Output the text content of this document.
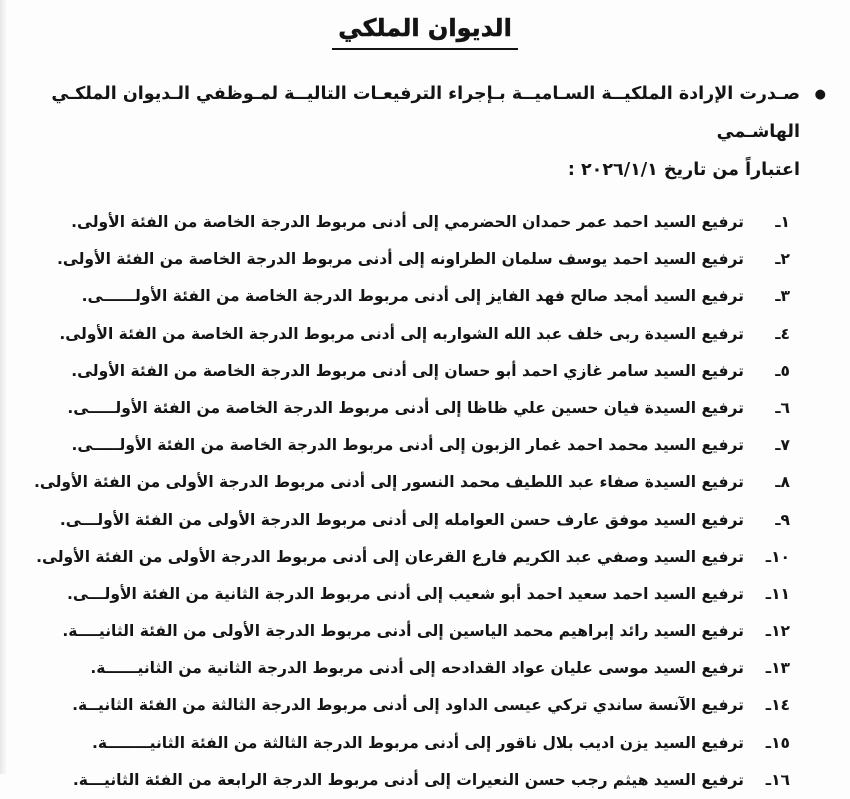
الديوان الملكي
●
صـدرت الإرادة الملكيــة السـاميــة بـإجراء الترفيعـات التاليــة لمـوظفي الـديوان الملكـي الهاشـمي
اعتباراً من تاريخ ٢٠٢٦/١/١ :
١ـ
ترفيع السيد احمد عمر حمدان الحضرمي إلى أدنى مربوط الدرجة الخاصة من الفئة الأولى.
٢ـ
ترفيع السيد احمد يوسف سلمان الطراونه إلى أدنى مربوط الدرجة الخاصة من الفئة الأولى.
٣ـ
ترفيع السيد أمجد صالح فهد الفايز إلى أدنى مربوط الدرجة الخاصة من الفئة الأولــــــى.
٤ـ
ترفيع السيدة ربى خلف عبد الله الشواربه إلى أدنى مربوط الدرجة الخاصة من الفئة الأولى.
٥ـ
ترفيع السيد سامر غازي احمد أبو حسان إلى أدنى مربوط الدرجة الخاصة من الفئة الأولى.
٦ـ
ترفيع السيدة فيان حسين علي ظاظا إلى أدنى مربوط الدرجة الخاصة من الفئة الأولـــــى.
٧ـ
ترفيع السيد محمد احمد غمار الزبون إلى أدنى مربوط الدرجة الخاصة من الفئة الأولـــــى.
٨ـ
ترفيع السيدة صفاء عبد اللطيف محمد النسور إلى أدنى مربوط الدرجة الأولى من الفئة الأولى.
٩ـ
ترفيع السيد موفق عارف حسن العوامله إلى أدنى مربوط الدرجة الأولى من الفئة الأولـــى.
١٠ـ
ترفيع السيد وصفي عبد الكريم فارع القرعان إلى أدنى مربوط الدرجة الأولى من الفئة الأولى.
١١ـ
ترفيع السيد احمد سعيد احمد أبو شعيب إلى أدنى مربوط الدرجة الثانية من الفئة الأولـــى.
١٢ـ
ترفيع السيد رائد إبراهيم محمد الياسين إلى أدنى مربوط الدرجة الأولى من الفئة الثانيــــة.
١٣ـ
ترفيع السيد موسى عليان عواد القدادحه إلى أدنى مربوط الدرجة الثانية من الثانيــــــة.
١٤ـ
ترفيع الآنسة ساندي تركي عيسى الداود إلى أدنى مربوط الدرجة الثالثة من الفئة الثانيــة.
١٥ـ
ترفيع السيد يزن اديب بلال ناقور إلى أدنى مربوط الدرجة الثالثة من الفئة الثانيــــــــة.
١٦ـ
ترفيع السيد هيثم رجب حسن النعيرات إلى أدنى مربوط الدرجة الرابعة من الفئة الثانيـــة.
